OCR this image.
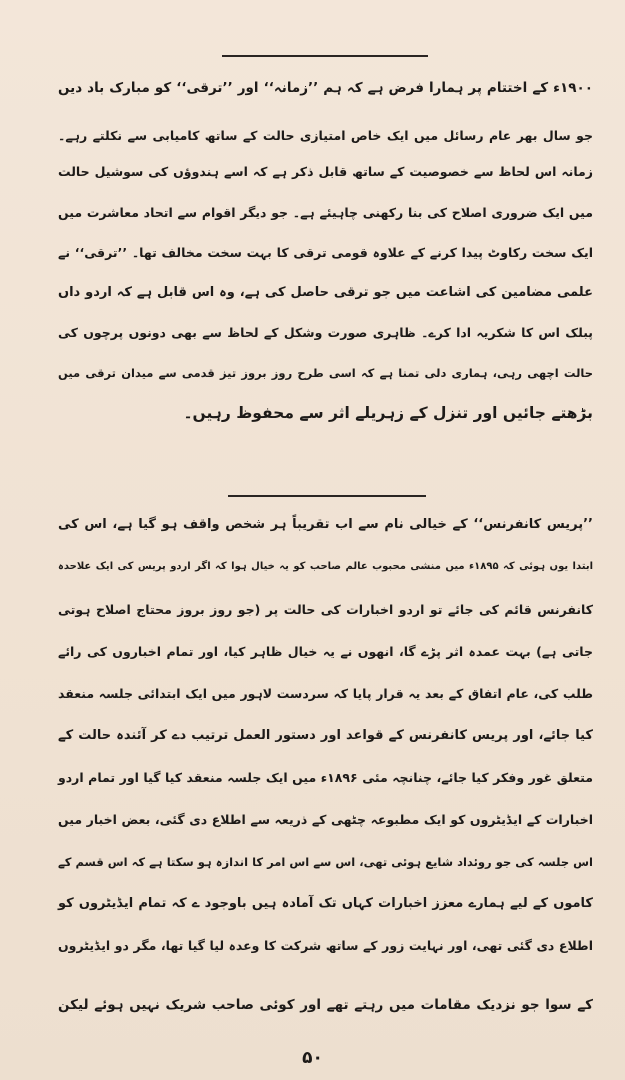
۱۹۰۰ء کے اختتام پر ہمارا فرض ہے کہ ہم ’’زمانہ‘‘ اور ’’ترقی‘‘ کو مبارک باد دیں
جو سال بھر عام رسائل میں ایک خاص امتیازی حالت کے ساتھ کامیابی سے نکلتے رہے۔
زمانہ اس لحاظ سے خصوصیت کے ساتھ قابل ذکر ہے کہ اسے ہندوؤں کی سوشیل حالت
میں ایک ضروری اصلاح کی بنا رکھنی چاہیئے ہے۔ جو دیگر اقوام سے اتحاد معاشرت میں
ایک سخت رکاوٹ پیدا کرنے کے علاوہ قومی ترقی کا بہت سخت مخالف تھا۔ ’’ترقی‘‘ نے
علمی مضامین کی اشاعت میں جو ترقی حاصل کی ہے، وہ اس قابل ہے کہ اردو داں
پبلک اس کا شکریہ ادا کرے۔ ظاہری صورت وشکل کے لحاظ سے بھی دونوں پرچوں کی
حالت اچھی رہی، ہماری دلی تمنا ہے کہ اسی طرح روز بروز تیز قدمی سے میدان ترقی میں
بڑھتے جائیں اور تنزل کے زہریلے اثر سے محفوظ رہیں۔
’’پریس کانفرنس‘‘ کے خیالی نام سے اب تقریباً ہر شخص واقف ہو گیا ہے، اس کی
ابتدا یوں ہوئی کہ ۱۸۹۵ء میں منشی محبوب عالم صاحب کو یہ خیال ہوا کہ اگر اردو پریس کی ایک علاحدہ
کانفرنس قائم کی جائے تو اردو اخبارات کی حالت پر (جو روز بروز محتاج اصلاح ہوتی
جاتی ہے) بہت عمدہ اثر پڑے گا، انھوں نے یہ خیال ظاہر کیا، اور تمام اخباروں کی رائے
طلب کی، عام اتفاق کے بعد یہ قرار پایا کہ سردست لاہور میں ایک ابتدائی جلسہ منعقد
کیا جائے، اور پریس کانفرنس کے قواعد اور دستور العمل ترتیب دے کر آئندہ حالت کے
متعلق غور وفکر کیا جائے، چنانچہ مئی ۱۸۹۶ء میں ایک جلسہ منعقد کیا گیا اور تمام اردو
اخبارات کے ایڈیٹروں کو ایک مطبوعہ چٹھی کے ذریعہ سے اطلاع دی گئی، بعض اخبار میں
اس جلسہ کی جو روئداد شایع ہوئی تھی، اس سے اس امر کا اندازہ ہو سکتا ہے کہ اس قسم کے
کاموں کے لیے ہمارے معزز اخبارات کہاں تک آمادہ ہیں باوجود ے کہ تمام ایڈیٹروں کو
اطلاع دی گئی تھی، اور نہایت زور کے ساتھ شرکت کا وعدہ لیا گیا تھا، مگر دو ایڈیٹروں
کے سوا جو نزدیک مقامات میں رہتے تھے اور کوئی صاحب شریک نہیں ہوئے لیکن
۵۰
